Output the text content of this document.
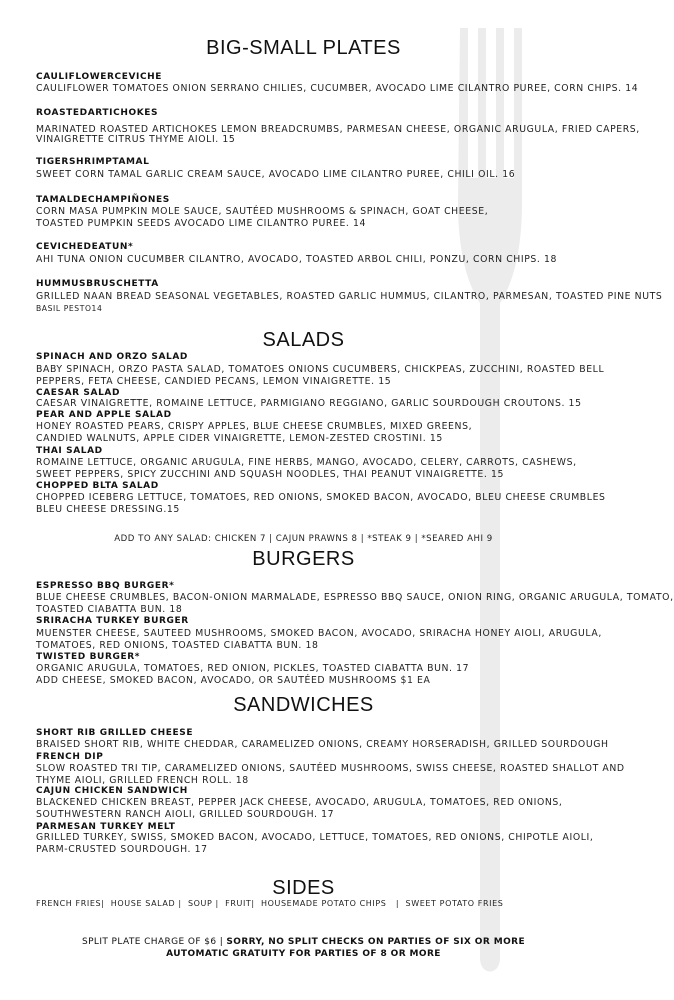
BIG-SMALL PLATES

CAULIFLOWERCEVICHE

CAULIFLOWER TOMATOES ONION SERRANO CHILIES, CUCUMBER, AVOCADO LIME CILANTRO PUREE, CORN CHIPS. 14

ROASTEDARTICHOKES

MARINATED ROASTED ARTICHOKES LEMON BREADCRUMBS, PARMESAN CHEESE, ORGANIC ARUGULA, FRIED CAPERS,

VINAIGRETTE CITRUS THYME AIOLI. 15

TIGERSHRIMPTAMAL

SWEET CORN TAMAL GARLIC CREAM SAUCE, AVOCADO LIME CILANTRO PUREE, CHILI OIL. 16

TAMALDECHAMPIÑONES

CORN MASA PUMPKIN MOLE SAUCE, SAUTÉED MUSHROOMS & SPINACH, GOAT CHEESE,

TOASTED PUMPKIN SEEDS AVOCADO LIME CILANTRO PUREE. 14

CEVICHEDEATUN*

AHI TUNA ONION CUCUMBER CILANTRO, AVOCADO, TOASTED ARBOL CHILI, PONZU, CORN CHIPS. 18

HUMMUSBRUSCHETTA

GRILLED NAAN BREAD SEASONAL VEGETABLES, ROASTED GARLIC HUMMUS, CILANTRO, PARMESAN, TOASTED PINE NUTS

BASIL PESTO14

SALADS

SPINACH AND ORZO SALAD

BABY SPINACH, ORZO PASTA SALAD, TOMATOES ONIONS CUCUMBERS, CHICKPEAS, ZUCCHINI, ROASTED BELL

PEPPERS, FETA CHEESE, CANDIED PECANS, LEMON VINAIGRETTE. 15

CAESAR SALAD

CAESAR VINAIGRETTE, ROMAINE LETTUCE, PARMIGIANO REGGIANO, GARLIC SOURDOUGH CROUTONS. 15

PEAR AND APPLE SALAD

HONEY ROASTED PEARS, CRISPY APPLES, BLUE CHEESE CRUMBLES, MIXED GREENS,

CANDIED WALNUTS, APPLE CIDER VINAIGRETTE, LEMON-ZESTED CROSTINI. 15

THAI SALAD

ROMAINE LETTUCE, ORGANIC ARUGULA, FINE HERBS, MANGO, AVOCADO, CELERY, CARROTS, CASHEWS,

SWEET PEPPERS, SPICY ZUCCHINI AND SQUASH NOODLES, THAI PEANUT VINAIGRETTE. 15

CHOPPED BLTA SALAD

CHOPPED ICEBERG LETTUCE, TOMATOES, RED ONIONS, SMOKED BACON, AVOCADO, BLEU CHEESE CRUMBLES

BLEU CHEESE DRESSING.15

ADD TO ANY SALAD: CHICKEN 7 | CAJUN PRAWNS 8 | *STEAK 9 | *SEARED AHI 9

BURGERS

ESPRESSO BBQ BURGER*

BLUE CHEESE CRUMBLES, BACON-ONION MARMALADE, ESPRESSO BBQ SAUCE, ONION RING, ORGANIC ARUGULA, TOMATO,

TOASTED CIABATTA BUN. 18

SRIRACHA TURKEY BURGER

MUENSTER CHEESE, SAUTEED MUSHROOMS, SMOKED BACON, AVOCADO, SRIRACHA HONEY AIOLI, ARUGULA,

TOMATOES, RED ONIONS, TOASTED CIABATTA BUN. 18

TWISTED BURGER*

ORGANIC ARUGULA, TOMATOES, RED ONION, PICKLES, TOASTED CIABATTA BUN. 17

ADD CHEESE, SMOKED BACON, AVOCADO, OR SAUTÉED MUSHROOMS $1 EA

SANDWICHES

SHORT RIB GRILLED CHEESE

BRAISED SHORT RIB, WHITE CHEDDAR, CARAMELIZED ONIONS, CREAMY HORSERADISH, GRILLED SOURDOUGH

FRENCH DIP

SLOW ROASTED TRI TIP, CARAMELIZED ONIONS, SAUTÉED MUSHROOMS, SWISS CHEESE, ROASTED SHALLOT AND

THYME AIOLI, GRILLED FRENCH ROLL. 18

CAJUN CHICKEN SANDWICH

BLACKENED CHICKEN BREAST, PEPPER JACK CHEESE, AVOCADO, ARUGULA, TOMATOES, RED ONIONS,

SOUTHWESTERN RANCH AIOLI, GRILLED SOURDOUGH. 17

PARMESAN TURKEY MELT

GRILLED TURKEY, SWISS, SMOKED BACON, AVOCADO, LETTUCE, TOMATOES, RED ONIONS, CHIPOTLE AIOLI,

PARM-CRUSTED SOURDOUGH. 17

SIDES

FRENCH FRIES| HOUSE SALAD | SOUP | FRUIT| HOUSEMADE POTATO CHIPS | SWEET POTATO FRIES

SPLIT PLATE CHARGE OF $6 | SORRY, NO SPLIT CHECKS ON PARTIES OF SIX OR MORE

AUTOMATIC GRATUITY FOR PARTIES OF 8 OR MORE
